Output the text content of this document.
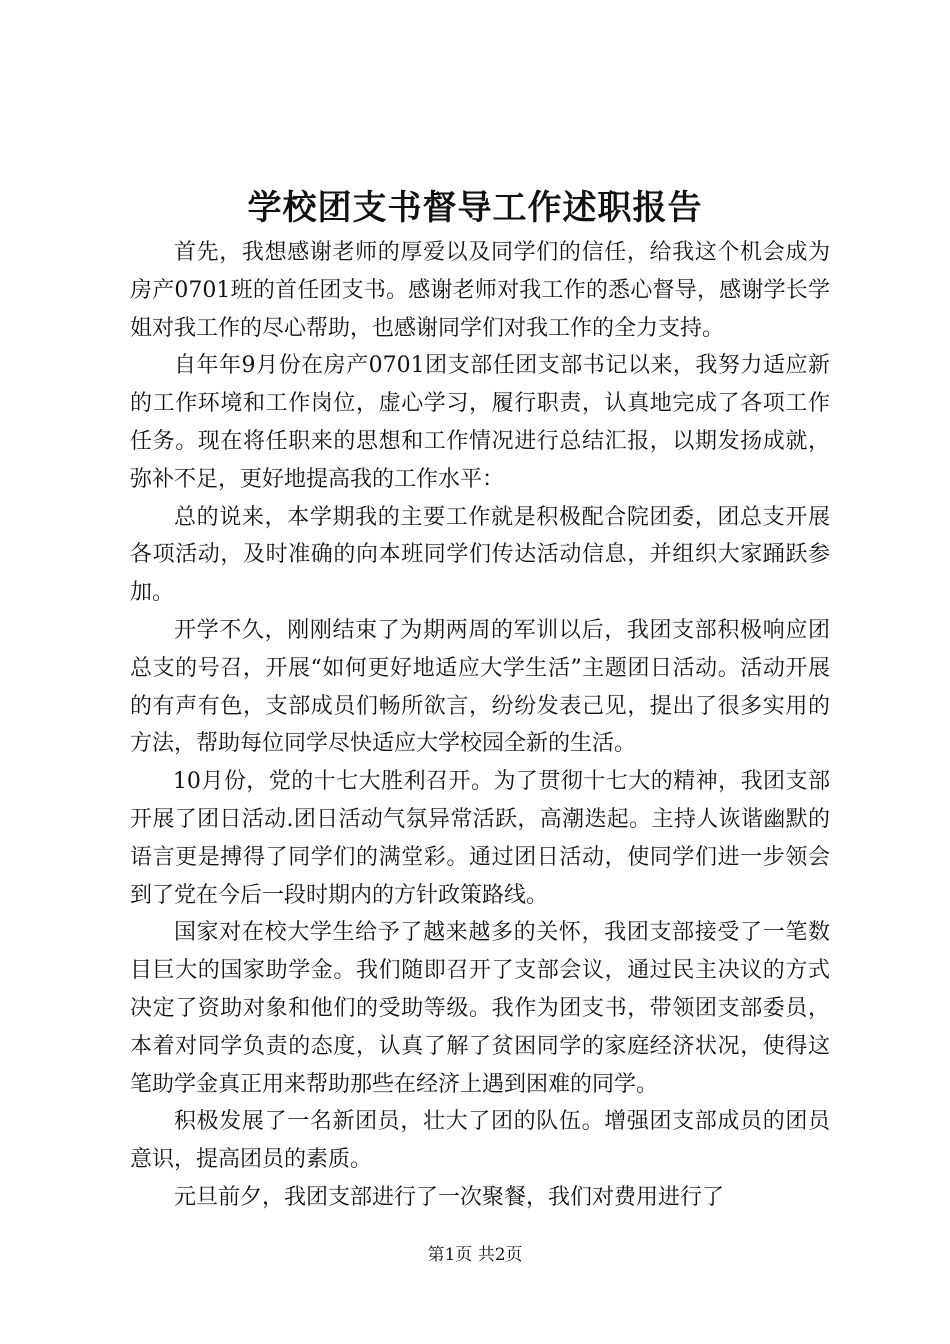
学校团支书督导工作述职报告

首先，我想感谢老师的厚爱以及同学们的信任，给我这个机会成为房产0701班的首任团支书。感谢老师对我工作的悉心督导，感谢学长学姐对我工作的尽心帮助，也感谢同学们对我工作的全力支持。

自年年9月份在房产0701团支部任团支部书记以来，我努力适应新的工作环境和工作岗位，虚心学习，履行职责，认真地完成了各项工作任务。现在将任职来的思想和工作情况进行总结汇报，以期发扬成就，弥补不足，更好地提高我的工作水平：

总的说来，本学期我的主要工作就是积极配合院团委，团总支开展各项活动，及时准确的向本班同学们传达活动信息，并组织大家踊跃参加。

开学不久，刚刚结束了为期两周的军训以后，我团支部积极响应团总支的号召，开展“如何更好地适应大学生活”主题团日活动。活动开展的有声有色，支部成员们畅所欲言，纷纷发表己见，提出了很多实用的方法，帮助每位同学尽快适应大学校园全新的生活。

10月份，党的十七大胜利召开。为了贯彻十七大的精神，我团支部开展了团日活动.团日活动气氛异常活跃，高潮迭起。主持人诙谐幽默的语言更是搏得了同学们的满堂彩。通过团日活动，使同学们进一步领会到了党在今后一段时期内的方针政策路线。

国家对在校大学生给予了越来越多的关怀，我团支部接受了一笔数目巨大的国家助学金。我们随即召开了支部会议，通过民主决议的方式决定了资助对象和他们的受助等级。我作为团支书，带领团支部委员，本着对同学负责的态度，认真了解了贫困同学的家庭经济状况，使得这笔助学金真正用来帮助那些在经济上遇到困难的同学。

积极发展了一名新团员，壮大了团的队伍。增强团支部成员的团员意识，提高团员的素质。

元旦前夕，我团支部进行了一次聚餐，我们对费用进行了

第1页 共2页
